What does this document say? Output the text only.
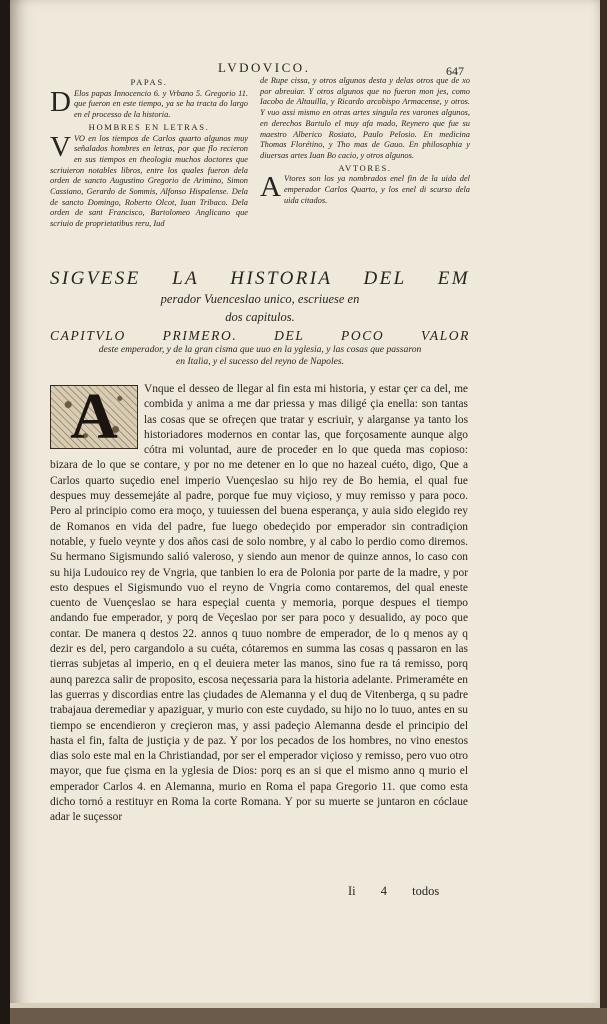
LVDOVICO.	647
PAPAS.

D Elos papas Innocencio 6. y Vrbano 5. Gregorio 11. que fueron en este tiempo, ya se ha tracta do largo en el processo de la historia.

HOMBRES EN LETRAS.

VVO en los tiempos de Carlos quarto algunos muy señalados hombres en letras, por que flo recieron en sus tiempos en theologia muchos doctores que scriuieron notables libros, entre los quales fueron dela orden de sancto Augustino Gregorio de Arimino, Simon Cassiano, Gerardo de Sommis, Alfonso Hispalense. Dela de sancto Domingo, Roberto Olcot, Iuan Tribaco. Dela orden de sant Francisco, Bartolomeo Anglicano que scriuio de proprietatibus reru, Iud

de Rupe cissa, y otros algunos desta y delas otros que de xo por abreuiar. Y otros algunos que no fueron mon jes, como Iacobo de Altauilla, y Ricardo arcobispo Armacense, y otros. Y vuo assi mismo en otras artes singula res varones algunos, en derechos Bartulo el muy afa mado, Reynero que fue su maestro Alberico Rosiato, Paulo Pelosio. En medicina Thomas Florétino, y Tho mas de Gauo. En philosophia y diuersas artes Iuan Bo cacio, y otros algunos.

AVTORES.

A Vtores son los ya nombrados enel fin de la uida del emperador Carlos Quarto, y los enel di scurso dela uida citados.

SIGVESE LA HISTORIA DEL EM
perador Vuenceslao unico, escriuese en
dos capitulos.
CAPITVLO PRIMERO. DEL POCO VALOR
deste emperador, y de la gran cisma que uuo en la yglesia, y las cosas que passaron
en Italia, y el sucesso del reyno de Napoles.
A	Vnque el desseo de llegar al fin esta mi historia, y estar çer ca del, me combida y anima a me dar priessa y mas diligé çia enella: son tantas las cosas que se ofreçen que tratar y escriuir, y alarganse ya tanto los historiadores modernos en contar las, que forçosamente aunque algo cótra mi voluntad, aure de proceder en lo que queda mas copioso: bizara de lo que se contare, y por no me detener en lo que no hazeal cuéto, digo, Que a Carlos quarto suçedio enel imperio Vuençeslao su hijo rey de Bo hemia, el qual fue despues muy dessemejáte al padre, porque fue muy viçioso, y muy remisso y para poco. Pero al principio como era moço, y tuuiessen del buena esperança, y auia sido elegido rey de Romanos en vida del padre, fue luego obedeçido por emperador sin contradiçion notable, y fuelo veynte y dos años casi de solo nombre, y al cabo lo perdio como diremos. Su hermano Sigismundo salió valeroso, y siendo aun menor de quinze annos, lo caso con su hija Ludouico rey de Vngria, que tanbien lo era de Polonia por parte de la madre, y por esto despues el Sigismundo vuo el reyno de Vngria como contaremos, del qual eneste cuento de Vuençeslao se hara espeçial cuenta y memoria, porque despues el tiempo andando fue emperador, y porq de Veçeslao por ser para poco y desualido, ay poco que contar. De manera q destos 22. annos q tuuo nombre de emperador, de lo q menos ay q dezir es del, pero cargandolo a su cuéta, cótaremos en summa las cosas q passaron en las tierras subjetas al imperio, en q el deuiera meter las manos, sino fue ra tá remisso, porq aunq parezca salir de proposito, escosa neçessaria para la historia adelante. Primeraméte en las guerras y discordias entre las çiudades de Alemanna y el duq de Vitenberga, q su padre trabajaua deremediar y apaziguar, y murio con este cuydado, su hijo no lo tuuo, antes en su tiempo se encendieron y creçieron mas, y assi padeçio Alemanna desde el principio del hasta el fin, falta de justiçia y de paz. Y por los pecados de los hombres, no vino enestos dias solo este mal en la Christiandad, por ser el emperador viçioso y remisso, pero vuo otro mayor, que fue çisma en la yglesia de Dios: porq es an si que el mismo anno q murio el emperador Carlos 4. en Alemanna, murio en Roma el papa Gregorio 11. que como esta dicho tornó a restituyr en Roma la corte Romana. Y por su muerte se juntaron en cóclaue adar le suçessor

Ii 4 todos
